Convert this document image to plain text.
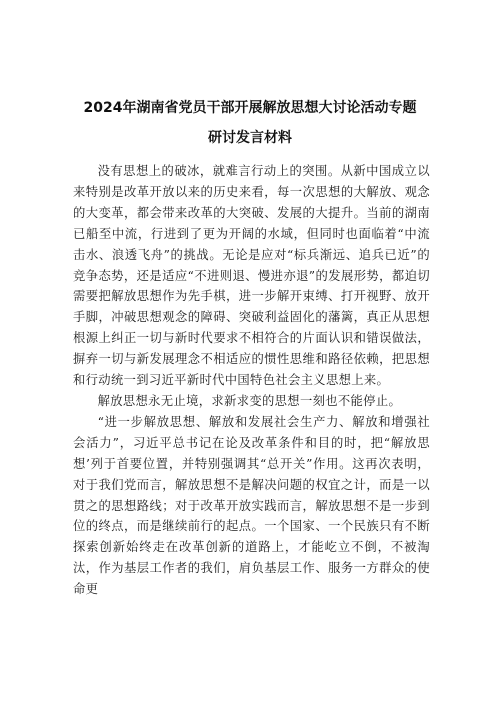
2024年湖南省党员干部开展解放思想大讨论活动专题
研讨发言材料

没有思想上的破冰，就难言行动上的突围。从新中国成立以来特别是改革开放以来的历史来看，每一次思想的大解放、观念的大变革，都会带来改革的大突破、发展的大提升。当前的湖南已船至中流，行进到了更为开阔的水域，但同时也面临着“中流击水、浪透飞舟”的挑战。无论是应对“标兵渐远、追兵已近”的竞争态势，还是适应“不进则退、慢进亦退”的发展形势，都迫切需要把解放思想作为先手棋，进一步解开束缚、打开视野、放开手脚，冲破思想观念的障碍、突破利益固化的藩篱，真正从思想根源上纠正一切与新时代要求不相符合的片面认识和错误做法，摒弃一切与新发展理念不相适应的惯性思维和路径依赖，把思想和行动统一到习近平新时代中国特色社会主义思想上来。

解放思想永无止境，求新求变的思想一刻也不能停止。

“进一步解放思想、解放和发展社会生产力、解放和增强社会活力”，习近平总书记在论及改革条件和目的时，把“解放思想’列于首要位置，并特别强调其“总开关”作用。这再次表明，对于我们党而言，解放思想不是解决问题的权宜之计，而是一以贯之的思想路线；对于改革开放实践而言，解放思想不是一步到位的终点，而是继续前行的起点。一个国家、一个民族只有不断探索创新始终走在改革创新的道路上，才能屹立不倒，不被淘汰，作为基层工作者的我们，肩负基层工作、服务一方群众的使命更
